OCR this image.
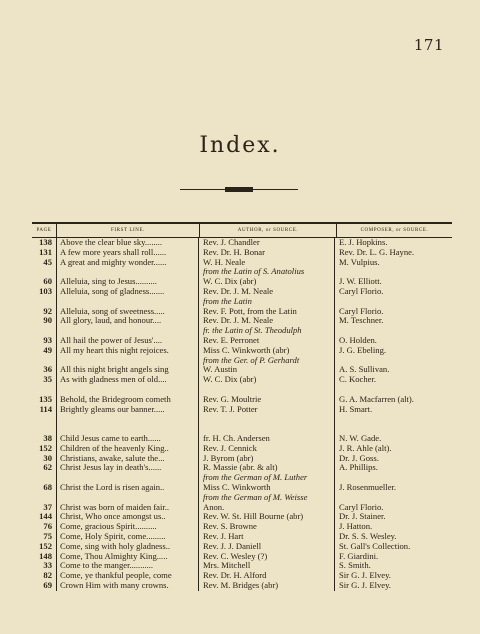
171
Index.
PAGE	FIRST LINE.	AUTHOR, or SOURCE.	COMPOSER, or SOURCE.
138 Above the clear blue sky........	Rev. J. Chandler	E. J. Hopkins.
131 A few more years shall roll......	Rev. Dr. H. Bonar	Rev. Dr. L. G. Hayne.
45 A great and mighty wonder......	W. H. Neale	M. Vulpius.
from the Latin of S. Anatolius
60 Alleluia, sing to Jesus..........	W. C. Dix (abr)	J. W. Elliott.
103 Alleluia, song of gladness.......	Rev. Dr. J. M. Neale	Caryl Florio.
from the Latin
92 Alleluia, song of sweetness.....	Rev. F. Pott, from the Latin	Caryl Florio.
90 All glory, laud, and honour....	Rev. Dr. J. M. Neale	M. Teschner.
fr. the Latin of St. Theodulph
93 All hail the power of Jesus'....	Rev. E. Perronet	O. Holden.
49 All my heart this night rejoices.	Miss C. Winkworth (abr)	J. G. Ebeling.
from the Ger. of P. Gerhardt
36 All this night bright angels sing	W. Austin	A. S. Sullivan.
35 As with gladness men of old....	W. C. Dix (abr)	C. Kocher.
135 Behold, the Bridegroom cometh	Rev. G. Moultrie	G. A. Macfarren (alt).
114 Brightly gleams our banner.....	Rev. T. J. Potter	H. Smart.
38 Child Jesus came to earth......	fr. H. Ch. Andersen	N. W. Gade.
152 Children of the heavenly King..	Rev. J. Cennick	J. R. Ahle (alt).
30 Christians, awake, salute the...	J. Byrom (abr)	Dr. J. Goss.
62 Christ Jesus lay in death's......	R. Massie (abr. & alt)	A. Phillips.
from the German of M. Luther
68 Christ the Lord is risen again..	Miss C. Winkworth	J. Rosenmueller.
from the German of M. Weisse
37 Christ was born of maiden fair..	Anon.	Caryl Florio.
144 Christ, Who once amongst us..	Rev. W. St. Hill Bourne (abr)	Dr. J. Stainer.
76 Come, gracious Spirit..........	Rev. S. Browne	J. Hatton.
75 Come, Holy Spirit, come.........	Rev. J. Hart	Dr. S. S. Wesley.
152 Come, sing with holy gladness..	Rev. J. J. Daniell	St. Gall's Collection.
148 Come, Thou Almighty King.....	Rev. C. Wesley (?)	F. Giardini.
33 Come to the manger...........	Mrs. Mitchell	S. Smith.
82 Come, ye thankful people, come	Rev. Dr. H. Alford	Sir G. J. Elvey.
69 Crown Him with many crowns.	Rev. M. Bridges (abr)	Sir G. J. Elvey.
